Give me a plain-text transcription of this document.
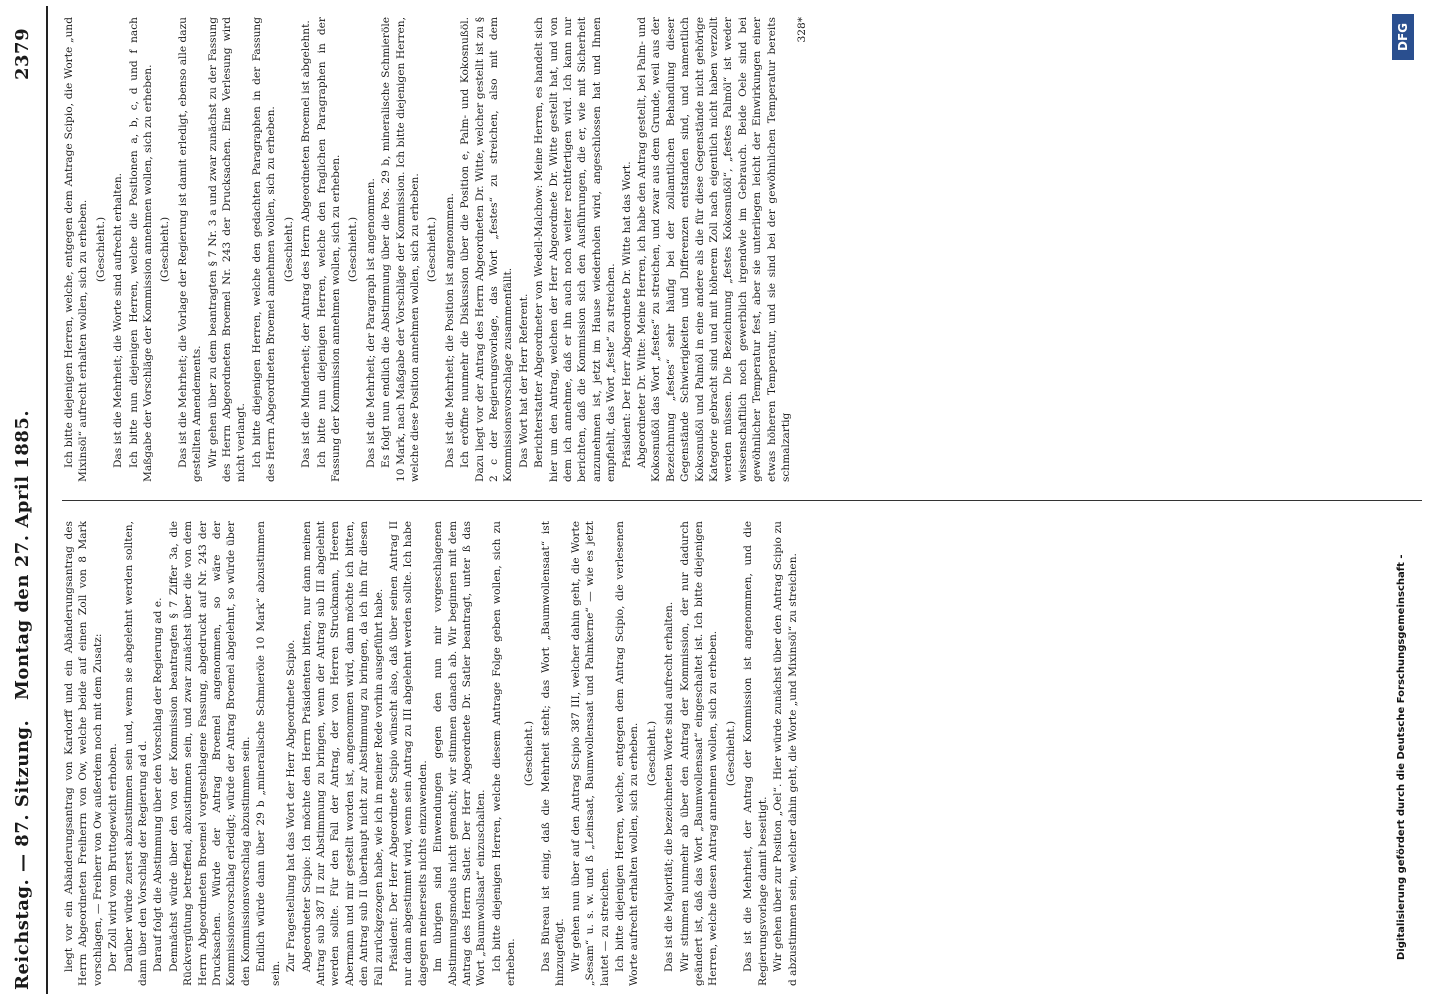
Reichstag. — 87. Sitzung.
Montag den 27. April 1885.
2379

liegt vor ein Abänderungsantrag von Kardorff und ein Abänderungsantrag des Herrn Abgeordneten Freiherrn von Ow, welche beide auf einen Zoll von 8 Mark vorschlagen, — Freiherr von Ow außerdem noch mit dem Zusatz: Der Zoll wird vom Bruttogewicht erhoben. Darüber würde zuerst abzustimmen sein und, wenn sie abgelehnt werden sollten, dann über den Vorschlag der Regierung ad d. Darauf folgt die Abstimmung über den Vorschlag der Regierung ad e. Demnächst würde über den von der Kommission beantragten § 7 Ziffer 3a, die Rückvergütung betreffend, abzustimmen sein, und zwar zunächst über die von dem Herrn Abgeordneten Broemel vorgeschlagene Fassung, abgedruckt auf Nr. 243 der Drucksachen. Würde der Antrag Broemel angenommen, so wäre der Kommissionsvorschlag erledigt; würde der Antrag Broemel abgelehnt, so würde über den Kommissionsvorschlag abzustimmen sein. Endlich würde dann über 29 b „mineralische Schmieröle 10 Mark“ abzustimmen sein.

Zur Fragestellung hat das Wort der Herr Abgeordnete Scipio. Abgeordneter Scipio: Ich möchte den Herrn Präsidenten bitten, nur dann meinen Antrag sub 387 II zur Abstimmung zu bringen, wenn der Antrag sub III abgelehnt werden sollte. Für den Fall der Antrag, der von Herren Struckmann, Heeren Abermann und mir gestellt worden ist, angenommen wird, dann möchte ich bitten, den Antrag sub II überhaupt nicht zur Abstimmung zu bringen, da ich ihn für diesen Fall zurückgezogen habe, wie ich in meiner Rede vorhin ausgeführt habe. Präsident: Der Herr Abgeordnete Scipio wünscht also, daß über seinen Antrag II nur dann abgestimmt wird, wenn sein Antrag zu III abgelehnt werden sollte. Ich habe dagegen meinerseits nichts einzuwenden. Im übrigen sind Einwendungen gegen den nun mir vorgeschlagenen Abstimmungsmodus nicht gemacht; wir stimmen danach ab. Wir beginnen mit dem Antrag des Herrn Satler. Der Herr Abgeordnete Dr. Satler beantragt, unter ß das Wort „Baumwollsaat“ einzuschalten. Ich bitte diejenigen Herren, welche diesem Antrage Folge geben wollen, sich zu erheben.

(Geschieht.) Das Büreau ist einig, daß die Mehrheit steht; das Wort „Baumwollensaat“ ist hinzugefügt. Wir gehen nun über auf den Antrag Scipio 387 III, welcher dahin geht, die Worte „Sesam“ u. s. w. und ß „Leinsaat, Baumwollensaat und Palmkerne“ — wie es jetzt lautet — zu streichen. Ich bitte diejenigen Herren, welche, entgegen dem Antrag Scipio, die verlesenen Worte aufrecht erhalten wollen, sich zu erheben. (Geschieht.) Das ist die Majorität; die bezeichneten Worte sind aufrecht erhalten. Wir stimmen nunmehr ab über den Antrag der Kommission, der nur dadurch geändert ist, daß das Wort „Baumwollensaat“ eingeschaltet ist. Ich bitte diejenigen Herren, welche diesen Antrag annehmen wollen, sich zu erheben. (Geschieht.) Das ist die Mehrheit, der Antrag der Kommission ist angenommen, und die Regierungsvorlage damit beseitigt. Wir gehen über zur Position „Oel“. Hier würde zunächst über den Antrag Scipio zu d abzustimmen sein, welcher dahin geht, die Worte „und Mixinsöl“ zu streichen.

Ich bitte diejenigen Herren, welche, entgegen dem Antrage Scipio, die Worte „und Mixinsöl“ aufrecht erhalten wollen, sich zu erheben. (Geschieht.) Das ist die Mehrheit; die Worte sind aufrecht erhalten. Ich bitte nun diejenigen Herren, welche die Positionen a, b, c, d und f nach Maßgabe der Vorschläge der Kommission annehmen wollen, sich zu erheben. (Geschieht.) Das ist die Mehrheit; die Vorlage der Regierung ist damit erledigt, ebenso alle dazu gestellten Amendements. Wir gehen über zu dem beantragten § 7 Nr. 3 a und zwar zunächst zu der Fassung des Herrn Abgeordneten Broemel Nr. 243 der Drucksachen. Eine Verlesung wird nicht verlangt. Ich bitte diejenigen Herren, welche den gedachten Paragraphen in der Fassung des Herrn Abgeordneten Broemel annehmen wollen, sich zu erheben. (Geschieht.) Das ist die Minderheit; der Antrag des Herrn Abgeordneten Broemel ist abgelehnt. Ich bitte nun diejenigen Herren, welche den fraglichen Paragraphen in der Fassung der Kommission annehmen wollen, sich zu erheben. (Geschieht.) Das ist die Mehrheit; der Paragraph ist angenommen. Es folgt nun endlich die Abstimmung über die Pos. 29 b, mineralische Schmieröle 10 Mark, nach Maßgabe der Vorschläge der Kommission. Ich bitte diejenigen Herren, welche diese Position annehmen wollen, sich zu erheben. (Geschieht.) Das ist die Mehrheit; die Position ist angenommen. Ich eröffne nunmehr die Diskussion über die Position e, Palm- und Kokosnußöl. Dazu liegt vor der Antrag des Herrn Abgeordneten Dr. Witte, welcher gestellt ist zu § 2 c der Regierungsvorlage, das Wort „festes“ zu streichen, also mit dem Kommissionsvorschlage zusammenfällt. Das Wort hat der Herr Referent. Berichterstatter Abgeordneter von Wedell-Malchow: Meine Herren, es handelt sich hier um den Antrag, welchen der Herr Abgeordnete Dr. Witte gestellt hat, und von dem ich annehme, daß er ihn auch noch weiter rechtfertigen wird. Ich kann nur berichten, daß die Kommission sich den Ausführungen, die er, wie mit Sicherheit anzunehmen ist, jetzt im Hause wiederholen wird, angeschlossen hat und Ihnen empfiehlt, das Wort „feste“ zu streichen. Präsident: Der Herr Abgeordnete Dr. Witte hat das Wort. Abgeordneter Dr. Witte: Meine Herren, ich habe den Antrag gestellt, bei Palm- und Kokosnußöl das Wort „festes“ zu streichen, und zwar aus dem Grunde, weil aus der Bezeichnung „festes“ sehr häufig bei der zollamtlichen Behandlung dieser Gegenstände Schwierigkeiten und Differenzen entstanden sind, und namentlich Kokosnußöl und Palmöl in eine andere als die für diese Gegenstände nicht gehörige Kategorie gebracht sind und mit höherem Zoll nach eigentlich nicht haben verzollt werden müssen. Die Bezeichnung „festes Kokosnußöl“, „festes Palmöl“ ist weder wissenschaftlich noch gewerblich irgendwie im Gebrauch. Beide Oele sind bei gewöhnlicher Temperatur fest, aber sie unterliegen leicht der Einwirkungen einer etwas höheren Temperatur, und sie sind bei der gewöhnlichen Temperatur bereits schmalzartig

328*

Digitalisierung gefördert durch die Deutsche Forschungsgemeinschaft -
DFG
